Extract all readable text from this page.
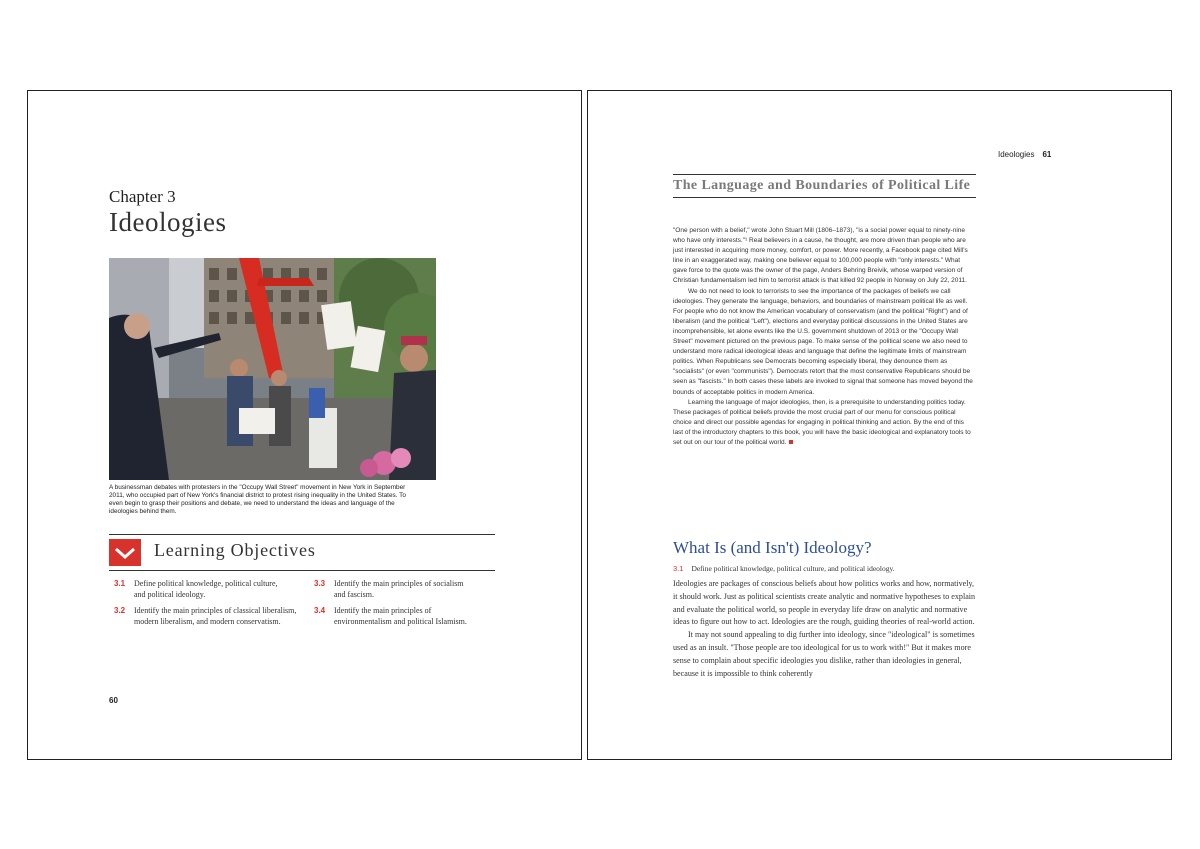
Chapter 3
Ideologies
A businessman debates with protesters in the "Occupy Wall Street" movement in New York in September 2011, who occupied part of New York's financial district to protest rising inequality in the United States. To even begin to grasp their positions and debate, we need to understand the ideas and language of the ideologies behind them.
Learning Objectives
3.1 Define political knowledge, political culture, and political ideology.
3.2 Identify the main principles of classical liberalism, modern liberalism, and modern conservatism.
3.3 Identify the main principles of socialism and fascism.
3.4 Identify the main principles of environmentalism and political Islamism.
60
Ideologies 61
The Language and Boundaries of Political Life

"One person with a belief," wrote John Stuart Mill (1806–1873), "is a social power equal to ninety-nine who have only interests."¹ Real believers in a cause, he thought, are more driven than people who are just interested in acquiring more money, comfort, or power. More recently, a Facebook page cited Mill's line in an exaggerated way, making one believer equal to 100,000 people with "only interests." What gave force to the quote was the owner of the page, Anders Behring Breivik, whose warped version of Christian fundamentalism led him to terrorist attack is that killed 92 people in Norway on July 22, 2011.

We do not need to look to terrorists to see the importance of the packages of beliefs we call ideologies. They generate the language, behaviors, and boundaries of mainstream political life as well. For people who do not know the American vocabulary of conservatism (and the political "Right") and of liberalism (and the political "Left"), elections and everyday political discussions in the United States are incomprehensible, let alone events like the U.S. government shutdown of 2013 or the "Occupy Wall Street" movement pictured on the previous page. To make sense of the political scene we also need to understand more radical ideological ideas and language that define the legitimate limits of mainstream politics. When Republicans see Democrats becoming especially liberal, they denounce them as "socialists" (or even "communists"). Democrats retort that the most conservative Republicans should be seen as "fascists." In both cases these labels are invoked to signal that someone has moved beyond the bounds of acceptable politics in modern America.

Learning the language of major ideologies, then, is a prerequisite to understanding politics today. These packages of political beliefs provide the most crucial part of our menu for conscious political choice and direct our possible agendas for engaging in political thinking and action. By the end of this last of the introductory chapters to this book, you will have the basic ideological and explanatory tools to set out on our tour of the political world.

What Is (and Isn't) Ideology?
3.1 Define political knowledge, political culture, and political ideology.

Ideologies are packages of conscious beliefs about how politics works and how, normatively, it should work. Just as political scientists create analytic and normative hypotheses to explain and evaluate the political world, so people in everyday life draw on analytic and normative ideas to figure out how to act. Ideologies are the rough, guiding theories of real-world action.

It may not sound appealing to dig further into ideology, since "ideological" is sometimes used as an insult. "Those people are too ideological for us to work with!" But it makes more sense to complain about specific ideologies you dislike, rather than ideologies in general, because it is impossible to think coherently
